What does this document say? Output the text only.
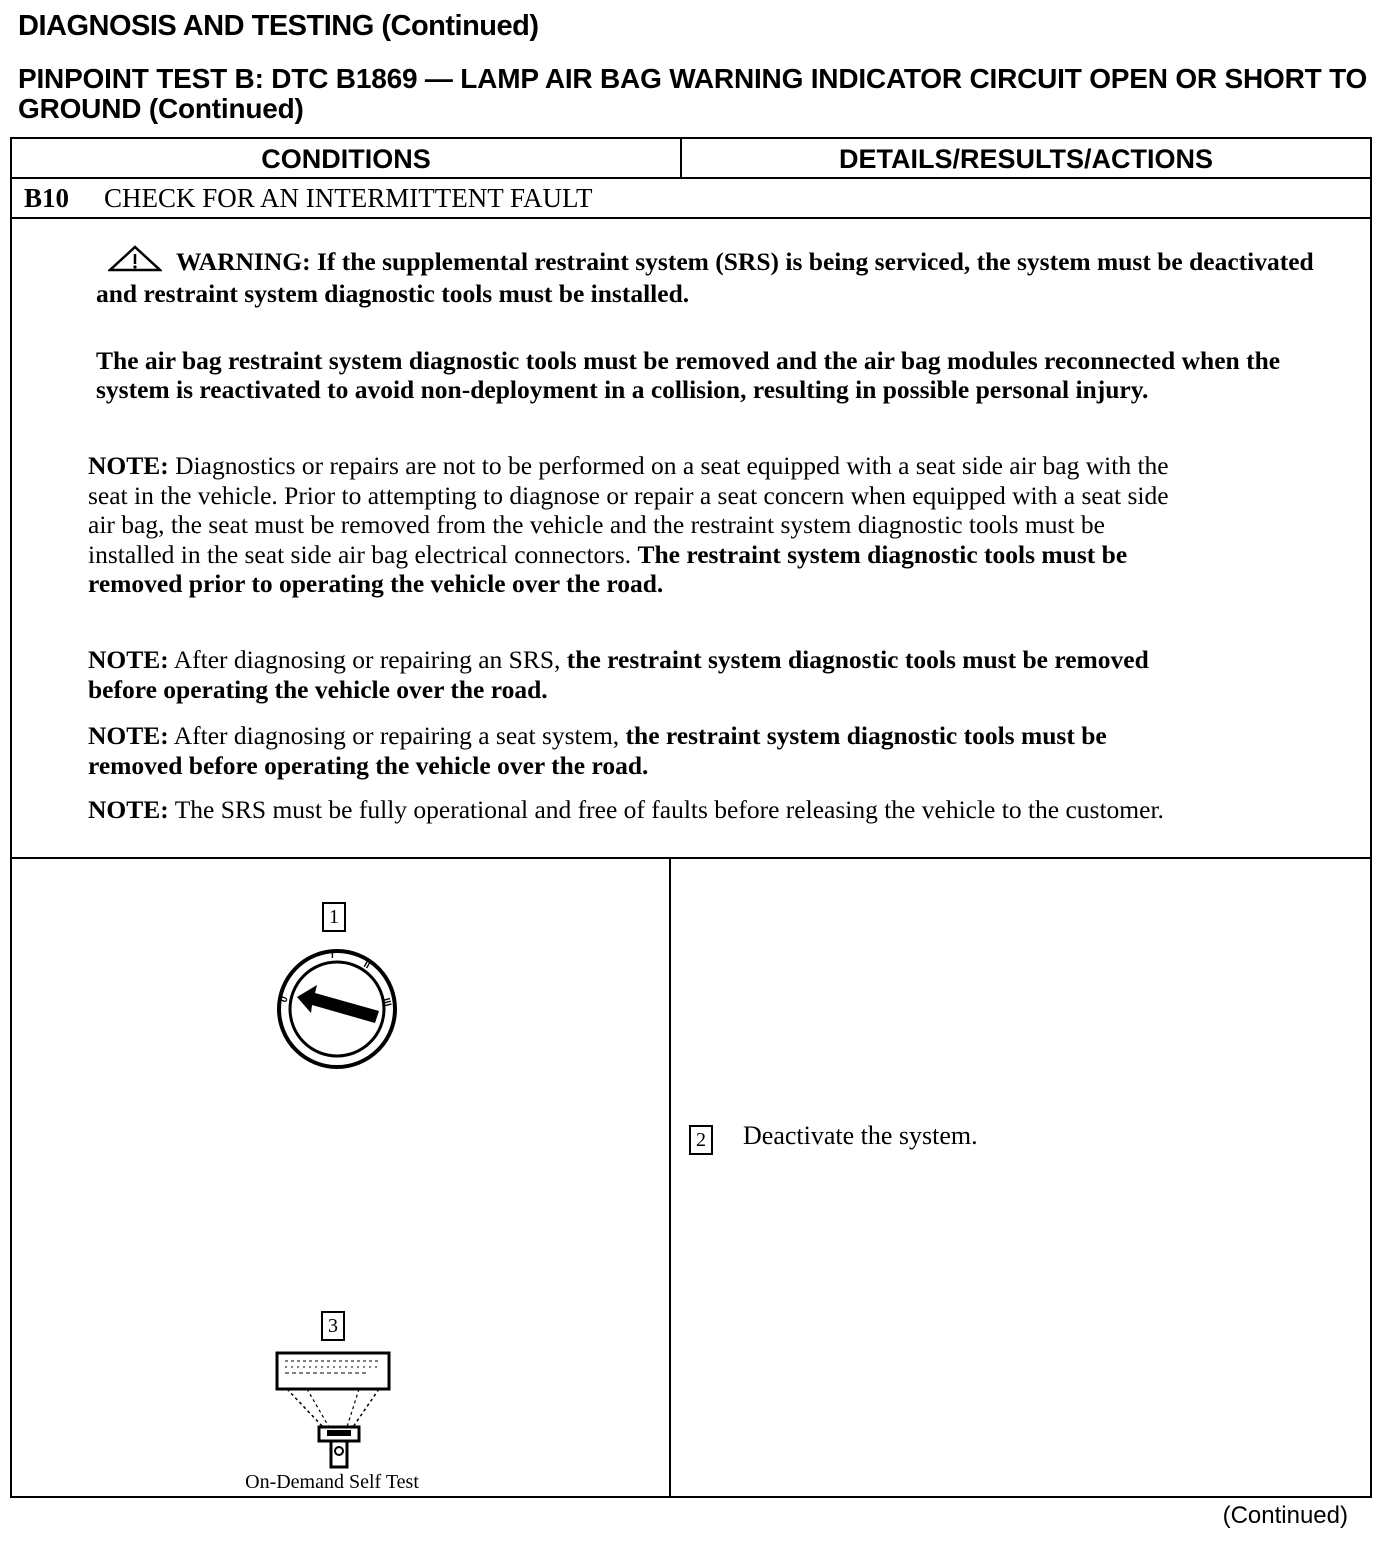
DIAGNOSIS AND TESTING (Continued)
PINPOINT TEST B: DTC B1869 — LAMP AIR BAG WARNING INDICATOR CIRCUIT OPEN OR SHORT TO GROUND (Continued)
CONDITIONS	DETAILS/RESULTS/ACTIONS
B10 CHECK FOR AN INTERMITTENT FAULT
WARNING: If the supplemental restraint system (SRS) is being serviced, the system must be deactivated and restraint system diagnostic tools must be installed.
The air bag restraint system diagnostic tools must be removed and the air bag modules reconnected when the system is reactivated to avoid non-deployment in a collision, resulting in possible personal injury.
NOTE: Diagnostics or repairs are not to be performed on a seat equipped with a seat side air bag with the seat in the vehicle. Prior to attempting to diagnose or repair a seat concern when equipped with a seat side air bag, the seat must be removed from the vehicle and the restraint system diagnostic tools must be installed in the seat side air bag electrical connectors. The restraint system diagnostic tools must be removed prior to operating the vehicle over the road.
NOTE: After diagnosing or repairing an SRS, the restraint system diagnostic tools must be removed before operating the vehicle over the road.
NOTE: After diagnosing or repairing a seat system, the restraint system diagnostic tools must be removed before operating the vehicle over the road.
NOTE: The SRS must be fully operational and free of faults before releasing the vehicle to the customer.
1
0
I
II
III
3
On-Demand Self Test
2 Deactivate the system.
(Continued)
